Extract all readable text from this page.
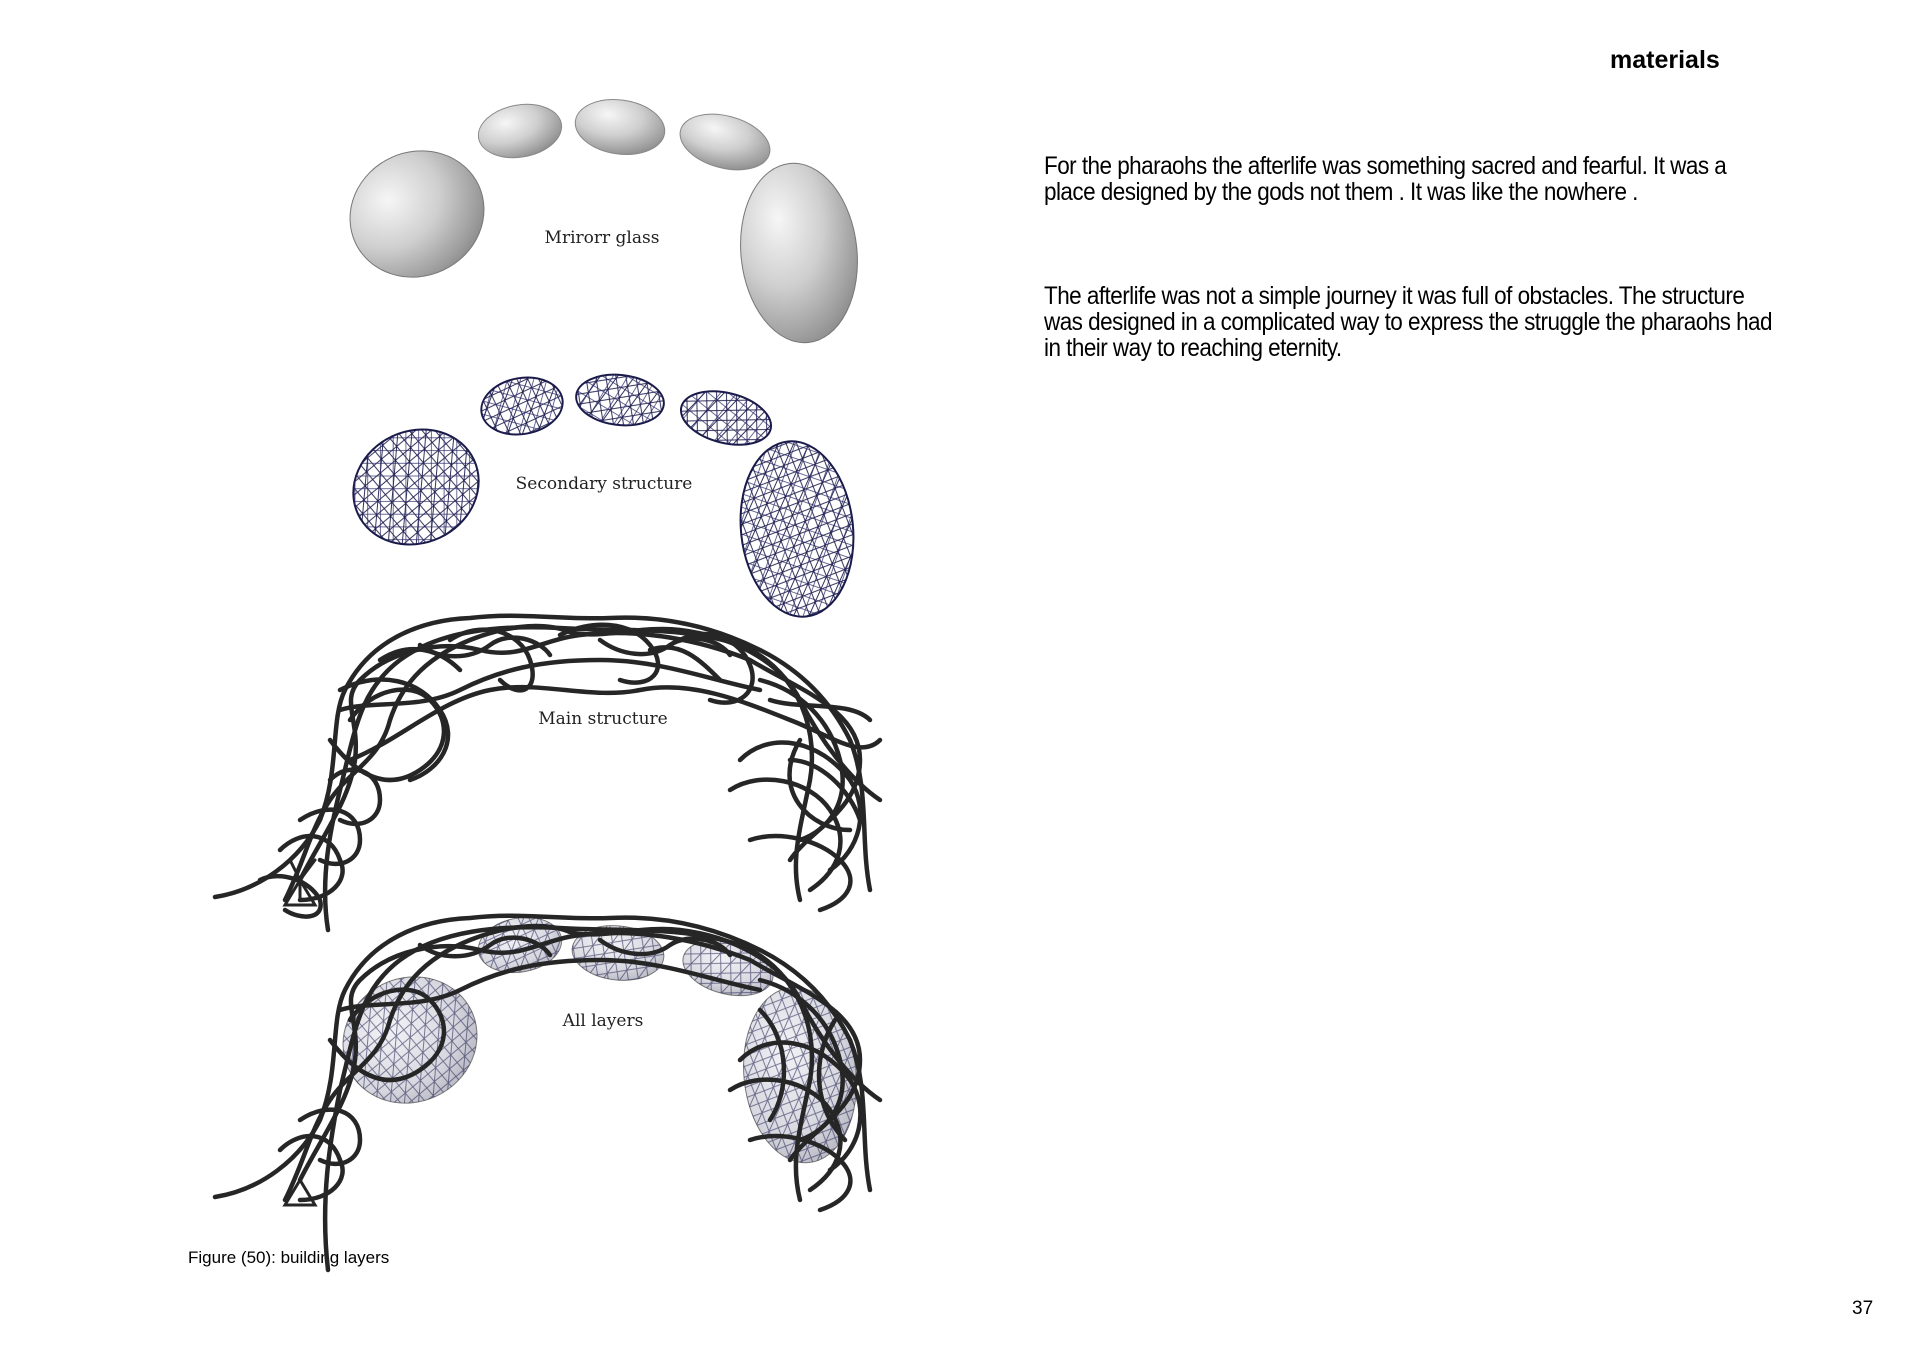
materials
For the pharaohs the afterlife was something sacred and fearful. It was a place designed by the gods not them . It was like the nowhere .
The afterlife was not a simple journey it was full of obstacles. The structure was designed in a complicated way to express the struggle the pharaohs had in their way to reaching eternity.
Figure (50): building layers
37
Mrirorr glass
Secondary structure
Main structure
All layers
